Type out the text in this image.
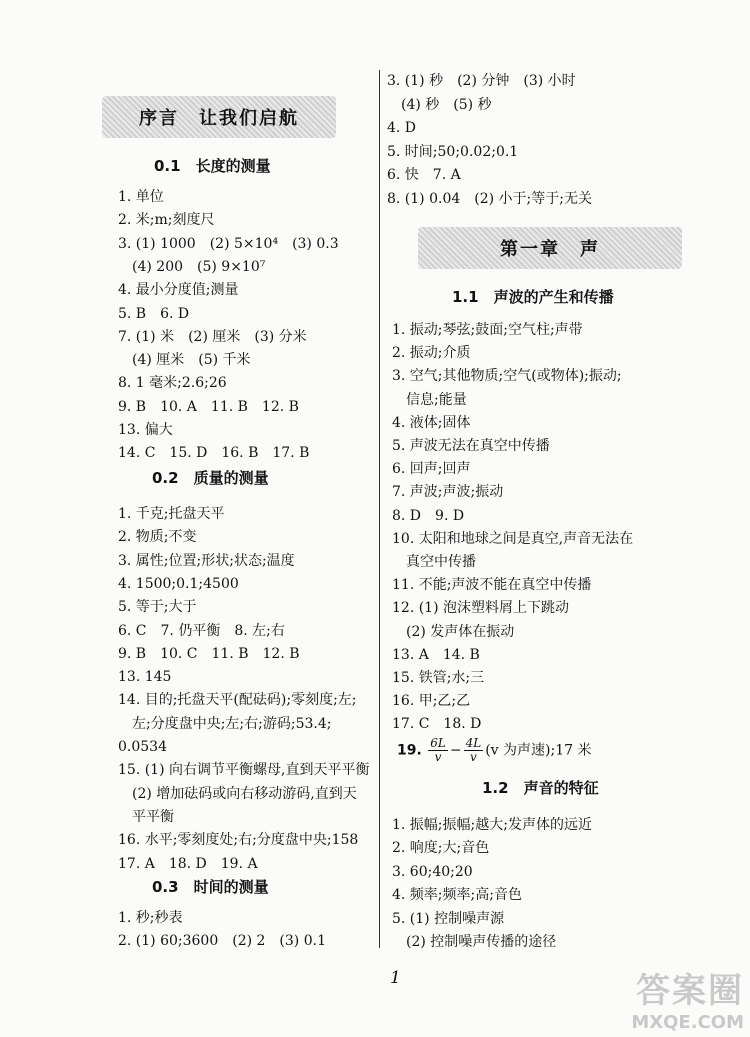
序言　让我们启航
第一章　声
0.1　长度的测量
1. 单位
2. 米;m;刻度尺
3. (1) 1000　(2) 5×10⁴　(3) 0.3
(4) 200　(5) 9×10⁷
4. 最小分度值;测量
5. B　6. D
7. (1) 米　(2) 厘米　(3) 分米
(4) 厘米　(5) 千米
8. 1 毫米;2.6;26
9. B　10. A　11. B　12. B
13. 偏大
14. C　15. D　16. B　17. B
0.2　质量的测量
1. 千克;托盘天平
2. 物质;不变
3. 属性;位置;形状;状态;温度
4. 1500;0.1;4500
5. 等于;大于
6. C　7. 仍平衡　8. 左;右
9. B　10. C　11. B　12. B
13. 145
14. 目的;托盘天平(配砝码);零刻度;左;
左;分度盘中央;左;右;游码;53.4;
0.0534
15. (1) 向右调节平衡螺母,直到天平平衡
(2) 增加砝码或向右移动游码,直到天
平平衡
16. 水平;零刻度处;右;分度盘中央;158
17. A　18. D　19. A
0.3　时间的测量
1. 秒;秒表
2. (1) 60;3600　(2) 2　(3) 0.1
3. (1) 秒　(2) 分钟　(3) 小时
(4) 秒　(5) 秒
4. D
5. 时间;50;0.02;0.1
6. 快　7. A
8. (1) 0.04　(2) 小于;等于;无关
1.1　声波的产生和传播
1. 振动;琴弦;鼓面;空气柱;声带
2. 振动;介质
3. 空气;其他物质;空气(或物体);振动;
信息;能量
4. 液体;固体
5. 声波无法在真空中传播
6. 回声;回声
7. 声波;声波;振动
8. D　9. D
10. 太阳和地球之间是真空,声音无法在
真空中传播
11. 不能;声波不能在真空中传播
12. (1) 泡沫塑料屑上下跳动
(2) 发声体在振动
13. A　14. B
15. 铁管;水;三
16. 甲;乙;乙
17. C　18. D
1.2　声音的特征
1. 振幅;振幅;越大;发声体的远近
2. 响度;大;音色
3. 60;40;20
4. 频率;频率;高;音色
5. (1) 控制噪声源
(2) 控制噪声传播的途径
19. $\frac{6L}{v} - \frac{4L}{v} (v$ 为声速);17 米
1	答案圈
MXQE.COM
